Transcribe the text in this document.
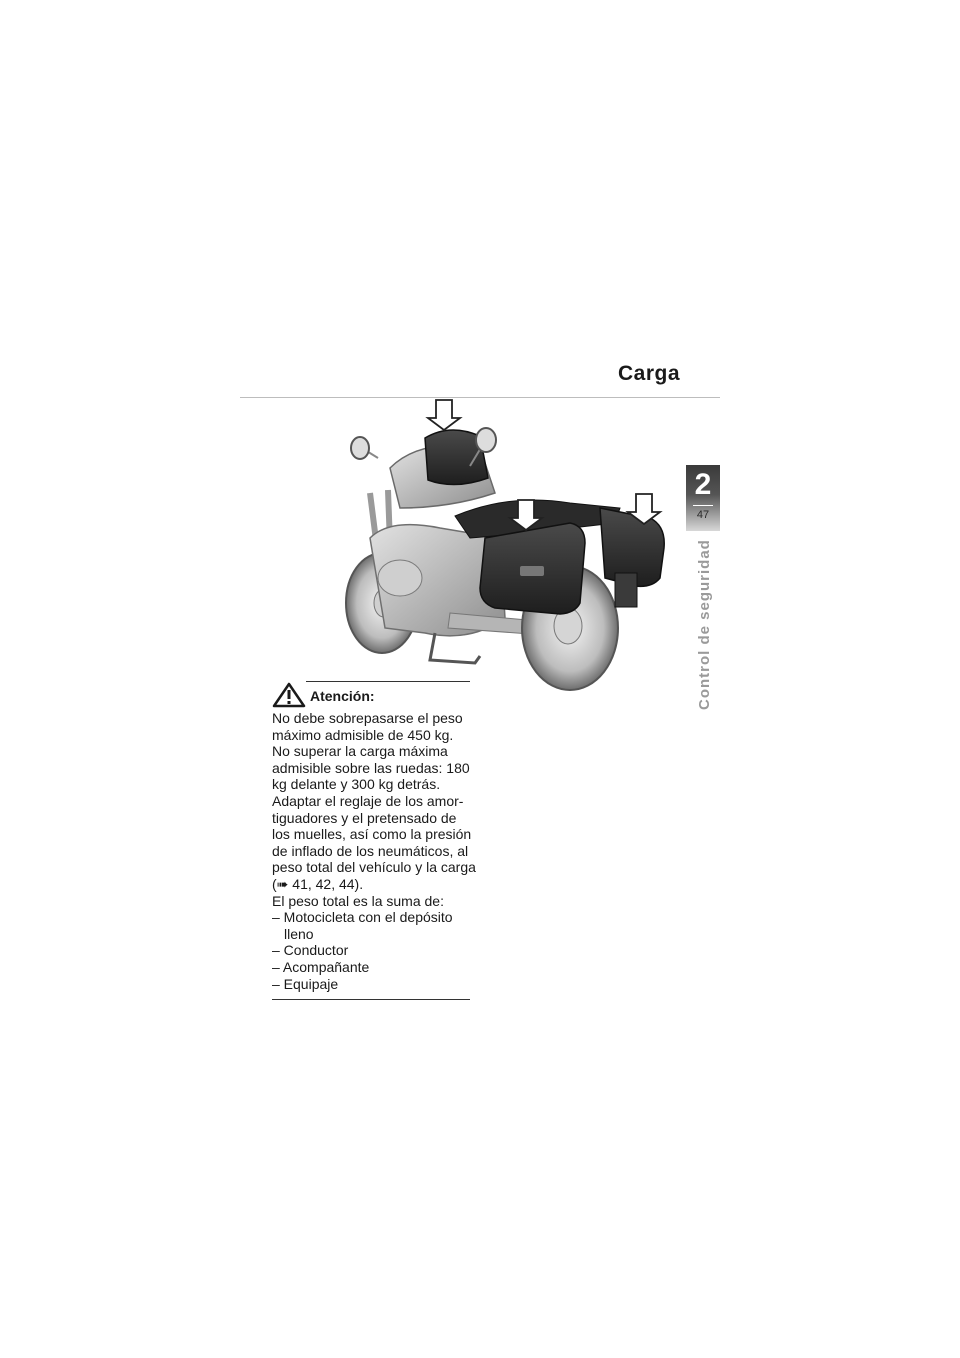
Carga
2
47
Control de seguridad
Atención:

No debe sobrepasarse el peso máximo admisible de 450 kg.

No superar la carga máxima admisible sobre las ruedas: 180 kg delante y 300 kg detrás.

Adaptar el reglaje de los amor- tiguadores y el pretensado de los muelles, así como la presión de inflado de los neumáticos, al peso total del vehículo y la carga (➠ 41, 42, 44).

El peso total es la suma de:

– Motocicleta con el depósito lleno

– Conductor

– Acompañante

– Equipaje
